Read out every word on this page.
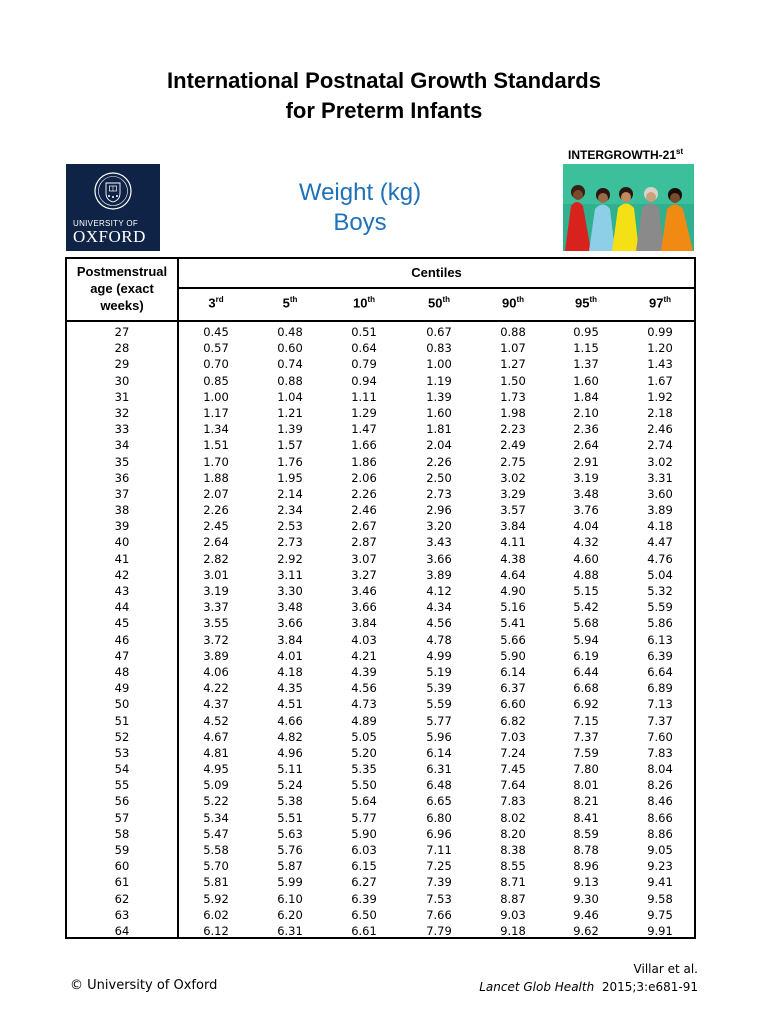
International Postnatal Growth Standards
for Preterm Infants
UNIVERSITY OF
OXFORD
Weight (kg)
Boys
INTERGROWTH-21st
Postmenstrual age (exact weeks)
Centiles
3rd	5th	10th	50th	90th	95th	97th
27	0.45	0.48	0.51	0.67	0.88	0.95	0.99
28	0.57	0.60	0.64	0.83	1.07	1.15	1.20
29	0.70	0.74	0.79	1.00	1.27	1.37	1.43
30	0.85	0.88	0.94	1.19	1.50	1.60	1.67
31	1.00	1.04	1.11	1.39	1.73	1.84	1.92
32	1.17	1.21	1.29	1.60	1.98	2.10	2.18
33	1.34	1.39	1.47	1.81	2.23	2.36	2.46
34	1.51	1.57	1.66	2.04	2.49	2.64	2.74
35	1.70	1.76	1.86	2.26	2.75	2.91	3.02
36	1.88	1.95	2.06	2.50	3.02	3.19	3.31
37	2.07	2.14	2.26	2.73	3.29	3.48	3.60
38	2.26	2.34	2.46	2.96	3.57	3.76	3.89
39	2.45	2.53	2.67	3.20	3.84	4.04	4.18
40	2.64	2.73	2.87	3.43	4.11	4.32	4.47
41	2.82	2.92	3.07	3.66	4.38	4.60	4.76
42	3.01	3.11	3.27	3.89	4.64	4.88	5.04
43	3.19	3.30	3.46	4.12	4.90	5.15	5.32
44	3.37	3.48	3.66	4.34	5.16	5.42	5.59
45	3.55	3.66	3.84	4.56	5.41	5.68	5.86
46	3.72	3.84	4.03	4.78	5.66	5.94	6.13
47	3.89	4.01	4.21	4.99	5.90	6.19	6.39
48	4.06	4.18	4.39	5.19	6.14	6.44	6.64
49	4.22	4.35	4.56	5.39	6.37	6.68	6.89
50	4.37	4.51	4.73	5.59	6.60	6.92	7.13
51	4.52	4.66	4.89	5.77	6.82	7.15	7.37
52	4.67	4.82	5.05	5.96	7.03	7.37	7.60
53	4.81	4.96	5.20	6.14	7.24	7.59	7.83
54	4.95	5.11	5.35	6.31	7.45	7.80	8.04
55	5.09	5.24	5.50	6.48	7.64	8.01	8.26
56	5.22	5.38	5.64	6.65	7.83	8.21	8.46
57	5.34	5.51	5.77	6.80	8.02	8.41	8.66
58	5.47	5.63	5.90	6.96	8.20	8.59	8.86
59	5.58	5.76	6.03	7.11	8.38	8.78	9.05
60	5.70	5.87	6.15	7.25	8.55	8.96	9.23
61	5.81	5.99	6.27	7.39	8.71	9.13	9.41
62	5.92	6.10	6.39	7.53	8.87	9.30	9.58
63	6.02	6.20	6.50	7.66	9.03	9.46	9.75
64	6.12	6.31	6.61	7.79	9.18	9.62	9.91
© University of Oxford
Villar et al.
Lancet Glob Health 2015;3:e681-91
